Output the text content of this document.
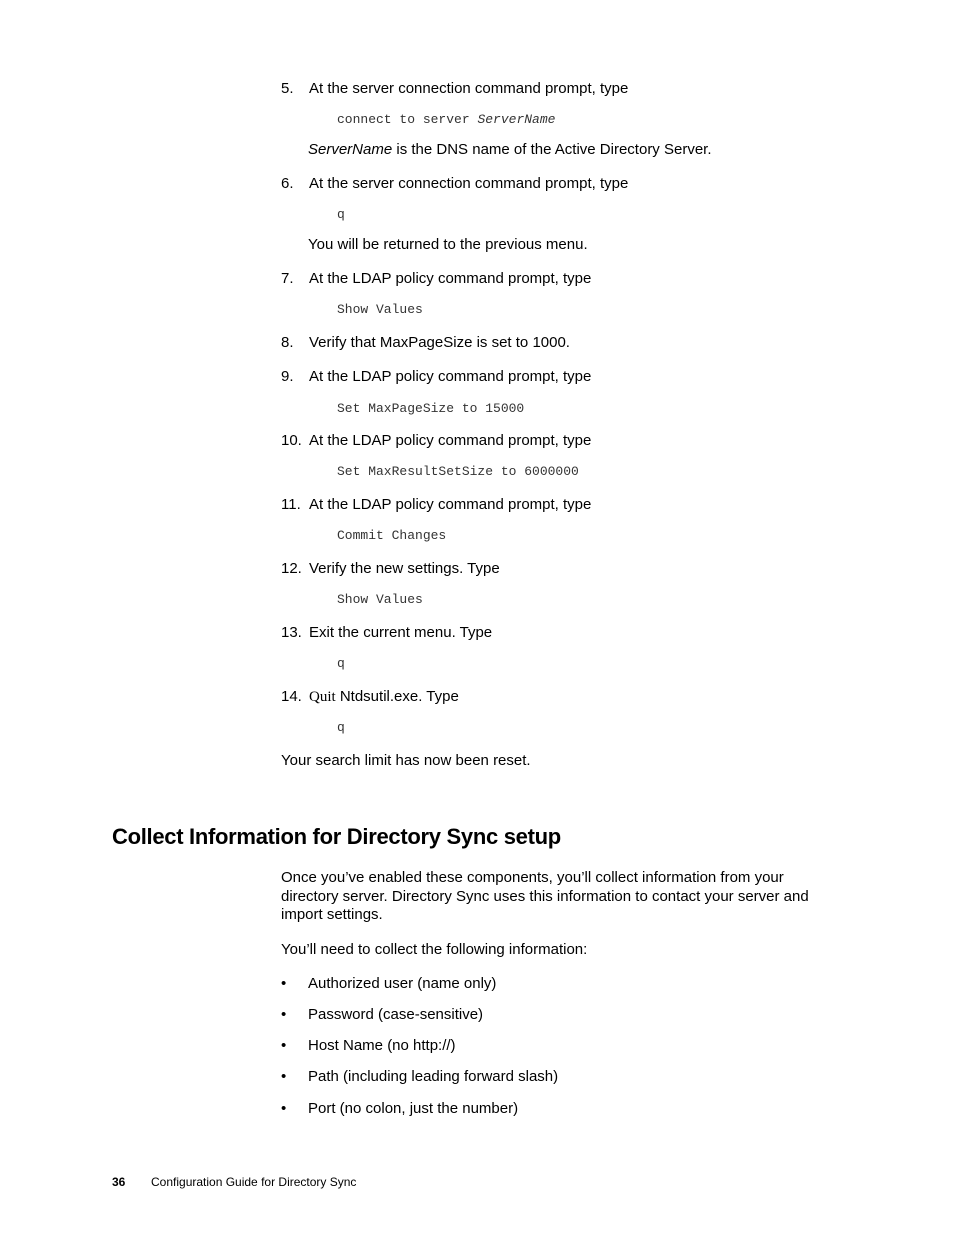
5.	At the server connection command prompt, type
connect to server ServerName
ServerName is the DNS name of the Active Directory Server.
6.	At the server connection command prompt, type
q
You will be returned to the previous menu.
7.	At the LDAP policy command prompt, type
Show Values
8.	Verify that MaxPageSize is set to 1000.
9.	At the LDAP policy command prompt, type
Set MaxPageSize to 15000
10. At the LDAP policy command prompt, type
Set MaxResultSetSize to 6000000
11. At the LDAP policy command prompt, type
Commit Changes
12. Verify the new settings. Type
Show Values
13. Exit the current menu. Type
q
14. Quit Ntdsutil.exe. Type
q
Your search limit has now been reset.
Collect Information for Directory Sync setup
Once you’ve enabled these components, you’ll collect information from your
directory server. Directory Sync uses this information to contact your server and
import settings.
You’ll need to collect the following information:
• Authorized user (name only)
• Password (case-sensitive)
• Host Name (no http://)
• Path (including leading forward slash)
• Port (no colon, just the number)
36 Configuration Guide for Directory Sync
